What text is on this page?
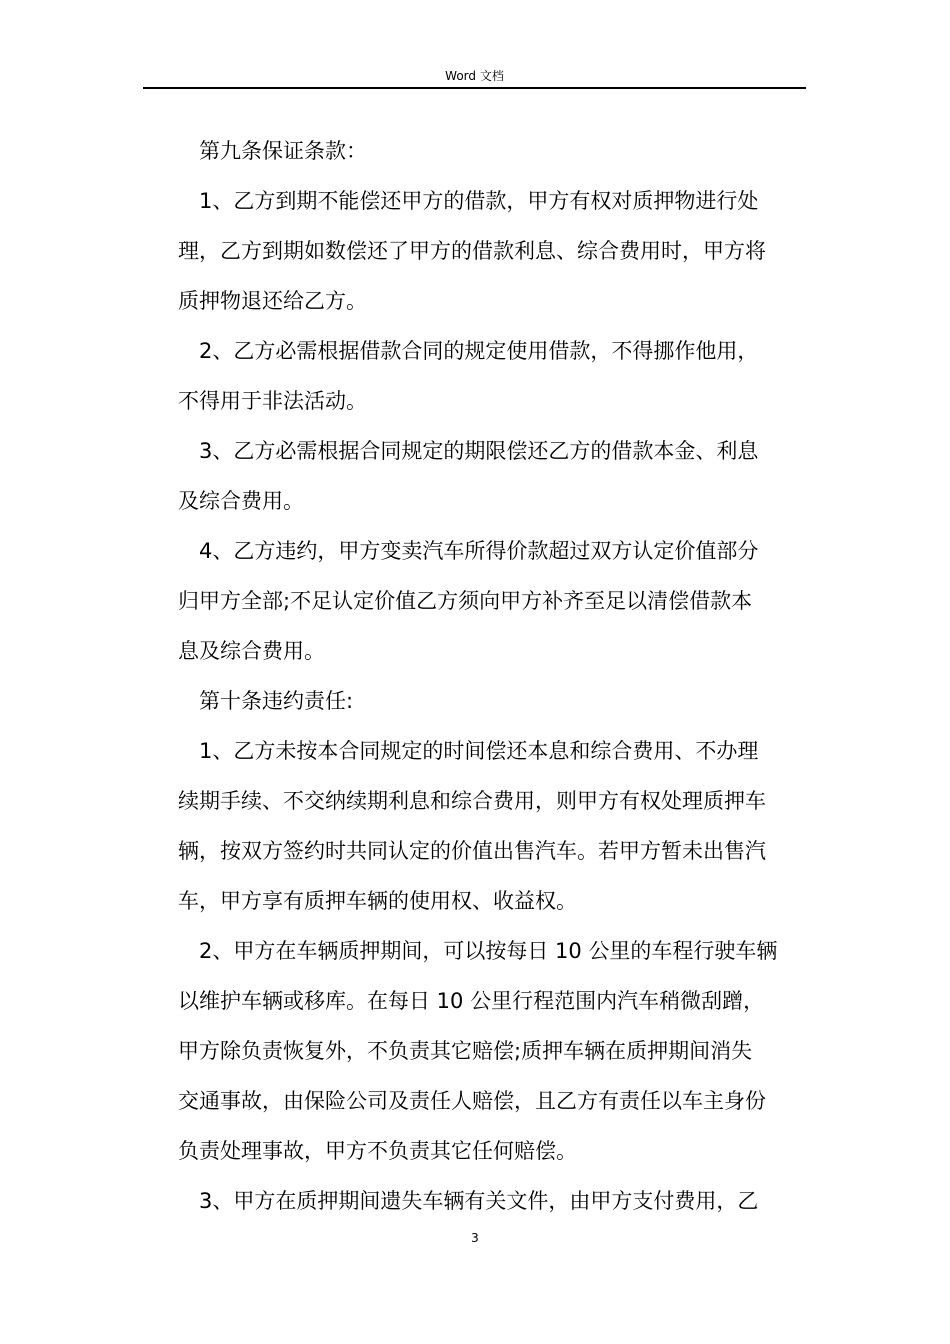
Word 文档

第九条保证条款：

1、乙方到期不能偿还甲方的借款，甲方有权对质押物进行处
理，乙方到期如数偿还了甲方的借款利息、综合费用时，甲方将
质押物退还给乙方。

2、乙方必需根据借款合同的规定使用借款，不得挪作他用，
不得用于非法活动。

3、乙方必需根据合同规定的期限偿还乙方的借款本金、利息
及综合费用。

4、乙方违约，甲方变卖汽车所得价款超过双方认定价值部分
归甲方全部;不足认定价值乙方须向甲方补齐至足以清偿借款本
息及综合费用。

第十条违约责任:

1、乙方未按本合同规定的时间偿还本息和综合费用、不办理
续期手续、不交纳续期利息和综合费用，则甲方有权处理质押车
辆，按双方签约时共同认定的价值出售汽车。若甲方暂未出售汽
车，甲方享有质押车辆的使用权、收益权。

2、甲方在车辆质押期间，可以按每日 10 公里的车程行驶车辆
以维护车辆或移库。在每日 10 公里行程范围内汽车稍微刮蹭，
甲方除负责恢复外，不负责其它赔偿;质押车辆在质押期间消失
交通事故，由保险公司及责任人赔偿，且乙方有责任以车主身份
负责处理事故，甲方不负责其它任何赔偿。

3、甲方在质押期间遗失车辆有关文件，由甲方支付费用，乙

3
